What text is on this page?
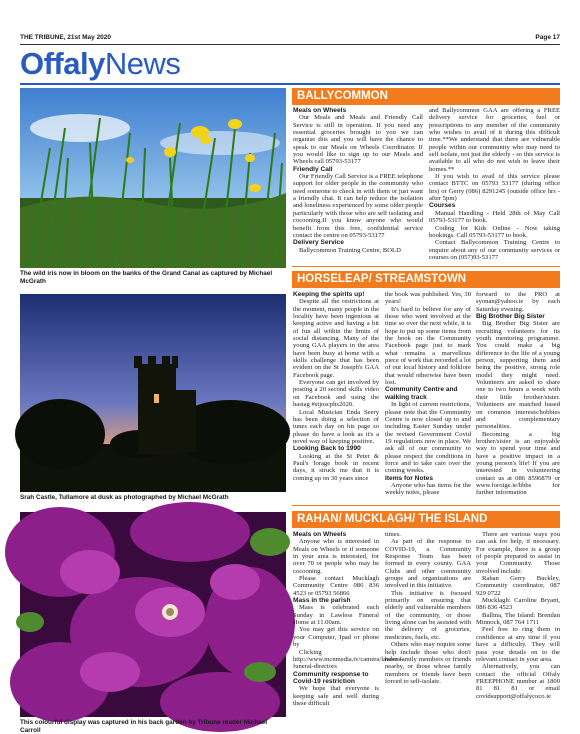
THE TRIBUNE, 21st May 2020	Page 17
OffalyNews
The wild iris now in bloom on the banks of the Grand Canal as captured by Michael McGrath
Srah Castle, Tullamore at dusk as photographed by Michael McGrath
This colourful display was captured in his back garden by Tribune reader Michael Carroll
BALLYCOMMON

Meals on Wheels

Our Meals and Meals and Friendly Call Service is still in operation. If you need any essential groceries brought to you we can organise this and you will have the chance to speak to our Meals on Wheels Coordinator. If you would like to sign up to our Meals and Wheels call 05793-53177

Friendly Call

Our Friendly Call Service is a FREE telephone support for older people in the community who need someone to check in with them or just want a friendly chat. It can help reduce the isolation and loneliness experienced by some older people particularly with those who are self isolating and cocooning.If you know anyone who would benefit from this free, confidential service contact the centre on 05793-53177

Delivery Service

Ballycommon Training Centre, BOLD

and Ballycommon GAA are offering a FREE delivery service for groceries, fuel or prescriptions to any member of the community who wishes to avail of it during this difficult time.**We understand that there are vulnerable people within our community who may need to self isolate, not just the elderly - so this service is available to all who do not wish to leave their homes.**

If you wish to avail of this service please contact BTTC on 05793 53177 (during office hrs) or Gerry (086) 8291245 (outside office hrs - after 5pm)

Courses

Manual Handling - Held 28th of May Call 05793-53177 to book.

Coding for Kids Online - Now taking bookings. Call 05793-53177 to book.

Contact Ballycommon Training Centre to enquire about any of our community services or courses on (057)93-53177

HORSELEAP/ STREAMSTOWN

Keeping the spirits up!

Despite all the restrictions at the moment, many people in the locality have been ingenious at keeping active and having a bit of fun all within the limits of social distancing. Many of the young GAA players in the area have been busy at home with a skills challenge that has been evident on the St Joseph's GAA Facebook page.

Everyone can get involved by posting a 20 second skills video on Facebook and using the hastag #stjoscphs2020.

Local Musician Enda Seery has been doing a selection of tunes each day on his page so please do have a look as it's a novel way of keeping positive.

Looking Back to 1990

Looking at the St Peter & Paul's forage book in recent days, it struck me that it is coming up on 30 years since

the book was published. Yes, 30 years!

It's hard to believe for any of those who went involved at the time so over the next while, it is hope to put up some items from the book on the Community Facebook page just to mark what remains a marvellous piece of work that recorded a lot of our local history and folklore that would otherwise have been lost.

Community Centre and walking track

In light of current restrictions, please note that the Community Centre is now closed up to and including Easter Sunday under the revised Government Covid 19 regulations now in place. We ask all of our community to please respect the conditions in force and to take care over the coming weeks.

Items for Notes

Anyone who has items for the weekly notes, please

forward to the PRO at syonan@yahoo.ie by each Saturday evening.

Big Brother Big Sister

Big Brother Big Sister are recruiting volunteers for its youth mentoring programme. You could make a big difference to the life of a young person, supporting them and being the positive, strong role model they might need. Volunteers are asked to share one to two hours a week with their little brother/sister. Volunteers are matched based on common interests/hobbies and complementary personalities.

Becoming a big brother/sister is an enjoyable way to spend your time and have a positive impact in a young person's life! If you are interested in volunteering contact us at 086 8596879 or www.foroige.ie/bbbs for further information

RAHAN/ MUCKLAGH/ THE ISLAND

Meals on Wheels

Anyone who is interested in Meals on Wheels or if someone in your area is interested, for over 70 or people who may be cocooning.

Please contact Mucklagh Community Centre 086 836 4523 or 05793 56866

Mass in the parish

Mass is celebrated each Sunday in Lawless Funeral Home at 11.00am.

You may get this service on your Computer, Ipad or phone by

Clicking

http://www.mcnmedia.tv/camera/lawless-funeral-directors

Community response to Covid-19 restriction

We hope that everyone is keeping safe and well during these difficult

times.

As part of the response to COVID-19, a Community Response Team has been formed in every county. GAA Clubs and other community groups and organizations are involved in this initiative.

This initiative is focused primarily on ensuring that elderly and vulnerable members of the community, or those living alone can be assisted with the delivery of groceries, medicines, fuels, etc.

Others who may require some help include those who don't have family members or friends nearby, or those whose family members or friends have been forced to self-isolate.

There are various ways you can ask for help, if necessary. For example, there is a group of people prepared to assist in your Community. Those involved include:

Rahan Gerry Buckley, Community coordinator, 087 929 0722

Mucklagh: Caroline Bryant, 086 836 4523

Ballina, The Island: Brendan Minnock, 087 764 1711

Feel free to ring them in confidence at any time if you have a difficulty. They will pass your details on to the relevant contact in your area.

Alternatively, you can contact the official Offaly FREEPHONE number at 1800 81 81 81 or email covidsupport@offalycoco.ie
